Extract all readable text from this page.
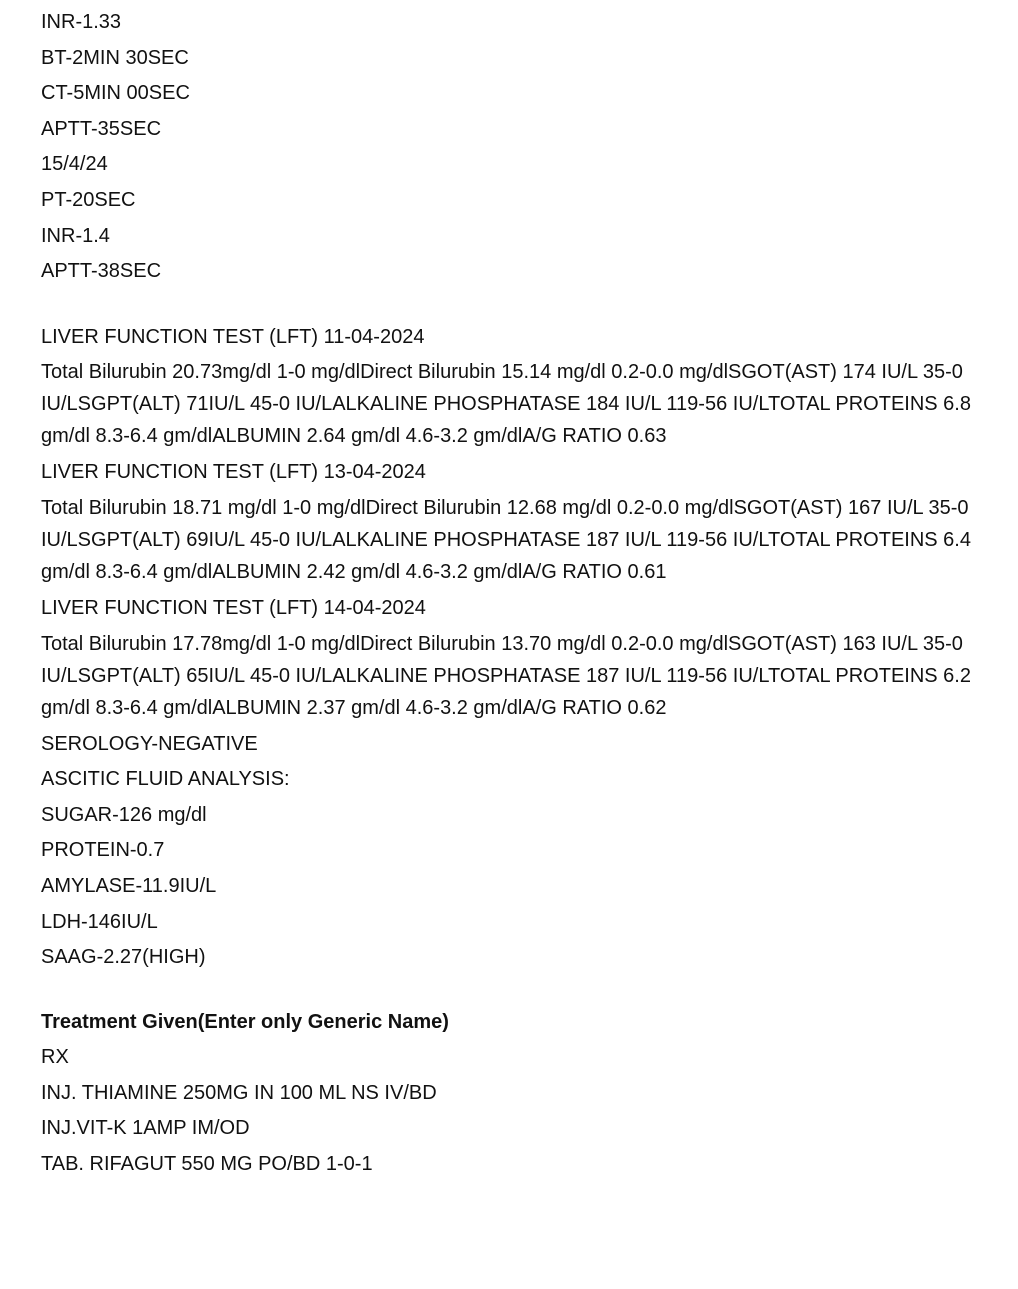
INR-1.33
BT-2MIN 30SEC
CT-5MIN 00SEC
APTT-35SEC
15/4/24
PT-20SEC
INR-1.4
APTT-38SEC
LIVER FUNCTION TEST (LFT) 11-04-2024
Total Bilurubin 20.73mg/dl 1-0 mg/dlDirect Bilurubin 15.14 mg/dl 0.2-0.0 mg/dlSGOT(AST) 174 IU/L 35-0 IU/LSGPT(ALT) 71IU/L 45-0 IU/LALKALINE PHOSPHATASE 184 IU/L 119-56 IU/LTOTAL PROTEINS 6.8 gm/dl 8.3-6.4 gm/dlALBUMIN 2.64 gm/dl 4.6-3.2 gm/dlA/G RATIO 0.63
LIVER FUNCTION TEST (LFT) 13-04-2024
Total Bilurubin 18.71 mg/dl 1-0 mg/dlDirect Bilurubin 12.68 mg/dl 0.2-0.0 mg/dlSGOT(AST) 167 IU/L 35-0 IU/LSGPT(ALT) 69IU/L 45-0 IU/LALKALINE PHOSPHATASE 187 IU/L 119-56 IU/LTOTAL PROTEINS 6.4 gm/dl 8.3-6.4 gm/dlALBUMIN 2.42 gm/dl 4.6-3.2 gm/dlA/G RATIO 0.61
LIVER FUNCTION TEST (LFT) 14-04-2024
Total Bilurubin 17.78mg/dl 1-0 mg/dlDirect Bilurubin 13.70 mg/dl 0.2-0.0 mg/dlSGOT(AST) 163 IU/L 35-0 IU/LSGPT(ALT) 65IU/L 45-0 IU/LALKALINE PHOSPHATASE 187 IU/L 119-56 IU/LTOTAL PROTEINS 6.2 gm/dl 8.3-6.4 gm/dlALBUMIN 2.37 gm/dl 4.6-3.2 gm/dlA/G RATIO 0.62
SEROLOGY-NEGATIVE
ASCITIC FLUID ANALYSIS:
SUGAR-126 mg/dl
PROTEIN-0.7
AMYLASE-11.9IU/L
LDH-146IU/L
SAAG-2.27(HIGH)
Treatment Given(Enter only Generic Name)
RX
INJ. THIAMINE 250MG IN 100 ML NS IV/BD
INJ.VIT-K 1AMP IM/OD
TAB. RIFAGUT 550 MG PO/BD 1-0-1
